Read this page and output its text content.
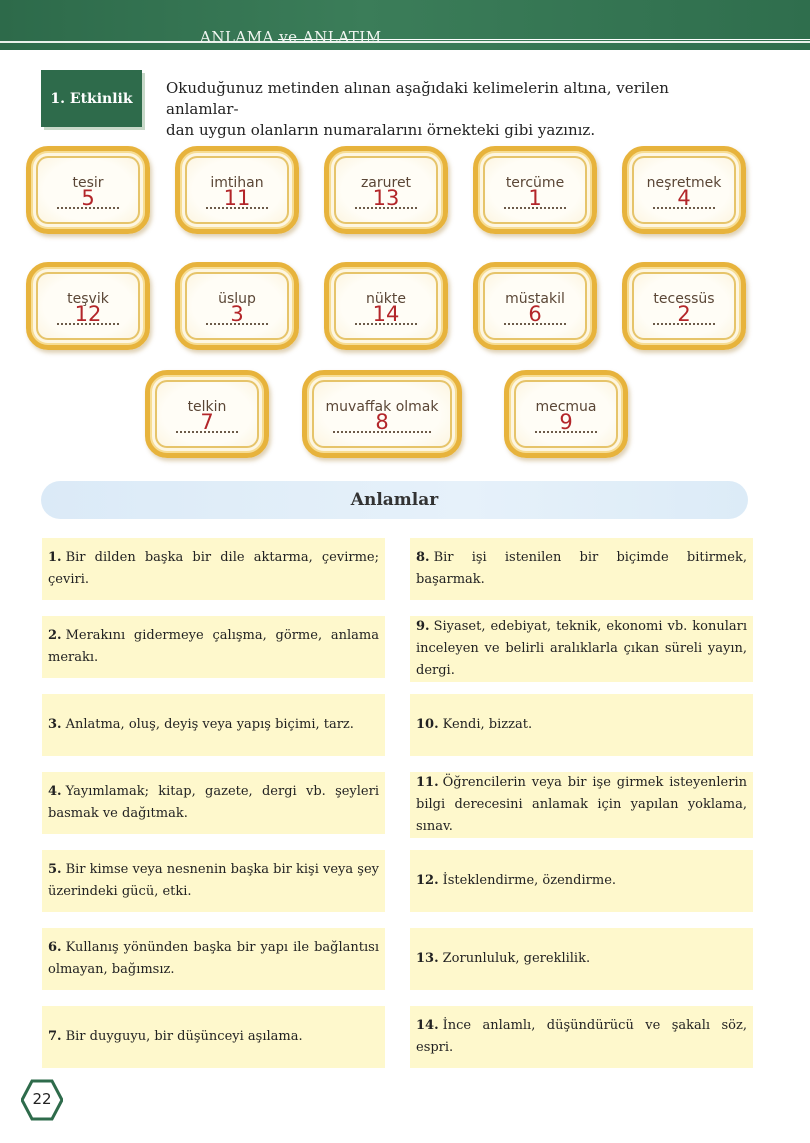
ANLAMA ve ANLATIM
1. Etkinlik
Okuduğunuz metinden alınan aşağıdaki kelimelerin altına, verilen anlamlar-
dan uygun olanların numaralarını örnekteki gibi yazınız.
tesir
5
imtihan
11
zaruret
13
tercüme
1
neşretmek
4
teşvik
12
üslup
3
nükte
14
müstakil
6
tecessüs
2
telkin
7
muvaffak olmak
8
mecmua
9
Anlamlar
1. Bir dilden başka bir dile aktarma, çevirme; çeviri.
2. Merakını gidermeye çalışma, görme, anlama merakı.
3. Anlatma, oluş, deyiş veya yapış biçimi, tarz.
4. Yayımlamak; kitap, gazete, dergi vb. şeyleri basmak ve dağıtmak.
5. Bir kimse veya nesnenin başka bir kişi veya şey üzerindeki gücü, etki.
6. Kullanış yönünden başka bir yapı ile bağlantısı olmayan, bağımsız.
7. Bir duyguyu, bir düşünceyi aşılama.
8. Bir işi istenilen bir biçimde bitirmek, başarmak.
9. Siyaset, edebiyat, teknik, ekonomi vb. konuları inceleyen ve belirli aralıklarla çıkan süreli yayın, dergi.
10. Kendi, bizzat.
11. Öğrencilerin veya bir işe girmek isteyenlerin bilgi derecesini anlamak için yapılan yoklama, sınav.
12. İsteklendirme, özendirme.
13. Zorunluluk, gereklilik.
14. İnce anlamlı, düşündürücü ve şakalı söz, espri.
22
